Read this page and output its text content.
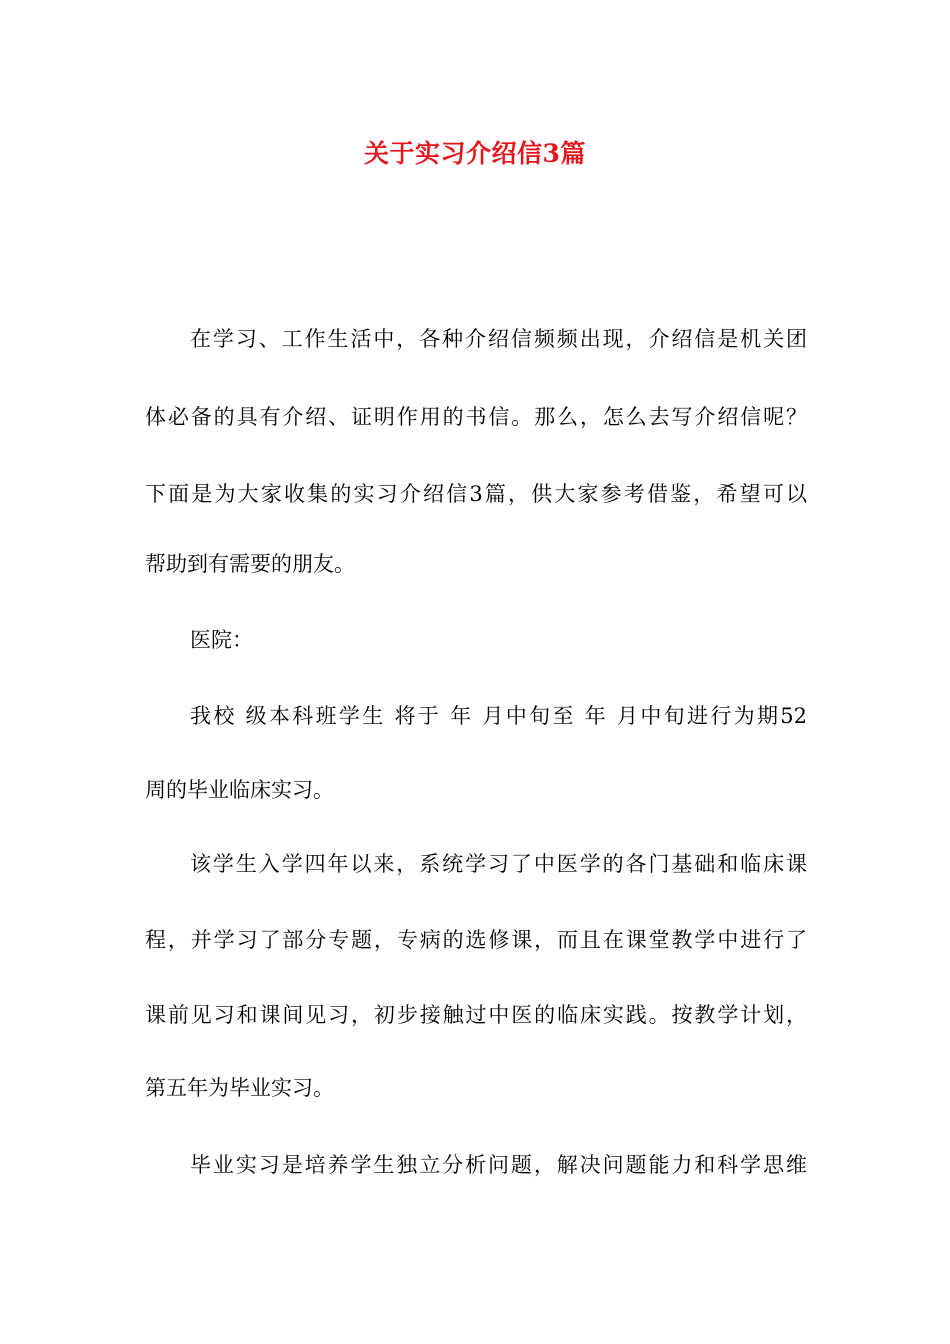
关于实习介绍信3篇
在学习、工作生活中，各种介绍信频频出现，介绍信是机关团
体必备的具有介绍、证明作用的书信。那么，怎么去写介绍信呢？
下面是为大家收集的实习介绍信3篇，供大家参考借鉴，希望可以
帮助到有需要的朋友。
医院：
我校 级本科班学生 将于 年 月中旬至 年 月中旬进行为期52
周的毕业临床实习。
该学生入学四年以来，系统学习了中医学的各门基础和临床课
程，并学习了部分专题，专病的选修课，而且在课堂教学中进行了
课前见习和课间见习，初步接触过中医的临床实践。按教学计划，
第五年为毕业实习。
毕业实习是培养学生独立分析问题，解决问题能力和科学思维
